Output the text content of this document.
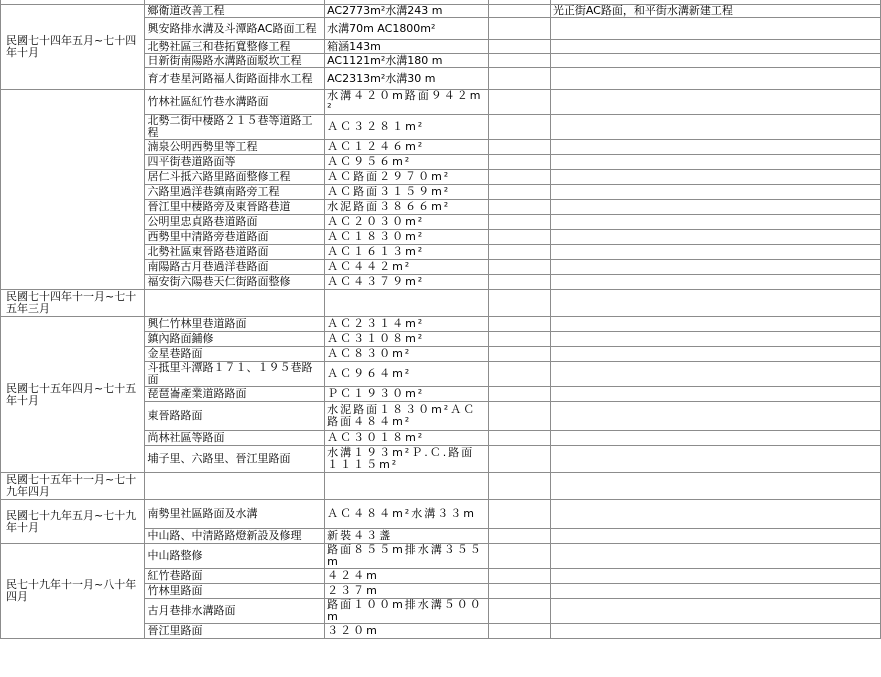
民國七十四年五月~七十四年十月	鄉衛道改善工程	AC2773m²水溝243 m		光正街AC路面，和平街水溝新建工程
	興安路排水溝及斗潭路AC路面工程	水溝70m AC1800m²		
	北勢社區三和巷拓寬整修工程	箱涵143m		
	日新街南陽路水溝路面駁坎工程	AC1121m²水溝180 m		
	育才巷星河路福人街路面排水工程	AC2313m²水溝30 m		
	竹林社區紅竹巷水溝路面	水溝４２０m路面９４２m²		
	北勢二街中棲路２１５巷等道路工程	ＡＣ３２８１m²		
	湳泉公明西勢里等工程	ＡＣ１２４６m²		
	四平街巷道路面等	ＡＣ９５６m²		
	居仁斗抵六路里路面整修工程	ＡＣ路面２９７０m²		
	六路里過洋巷鎮南路旁工程	ＡＣ路面３１５９m²		
	晉江里中棲路旁及東晉路巷道	水泥路面３８６６m²		
	公明里忠貞路巷道路面	ＡＣ２０３０m²		
	西勢里中清路旁巷道路面	ＡＣ１８３０m²		
	北勢社區東晉路巷道路面	ＡＣ１６１３m²		
	南陽路古月巷過洋巷路面	ＡＣ４４２m²		
	福安街六陽巷天仁街路面整修	ＡＣ４３７９m²		
民國七十四年十一月~七十五年三月				
民國七十五年四月~七十五年十月	興仁竹林里巷道路面	ＡＣ２３１４m²		
	鎮內路面鋪修	ＡＣ３１０８m²		
	金星巷路面	ＡＣ８３０m²		
	斗抵里斗潭路１７１、１９５巷路面	ＡＣ９６４m²		
	琵琶崙產業道路路面	ＰＣ１９３０m²		
	東晉路路面	水泥路面１８３０m²ＡＣ路面４８４m²		
	尚林社區等路面	ＡＣ３０１８m²		
	埔子里、六路里、晉江里路面	水溝１９３m²Ｐ.Ｃ.路面１１１５m²		
民國七十五年十一月~七十九年四月				
民國七十九年五月~七十九年十月	南勢里社區路面及水溝	ＡＣ４８４m²水溝３３m		
	中山路、中清路路燈新設及修理	新裝４３盞		
民七十九年十一月~八十年四月	中山路整修	路面８５５m排水溝３５５m		
	紅竹巷路面	４２４m		
	竹林里路面	２３７m		
	古月巷排水溝路面	路面１００m排水溝５００m		
	晉江里路面	３２０m		
